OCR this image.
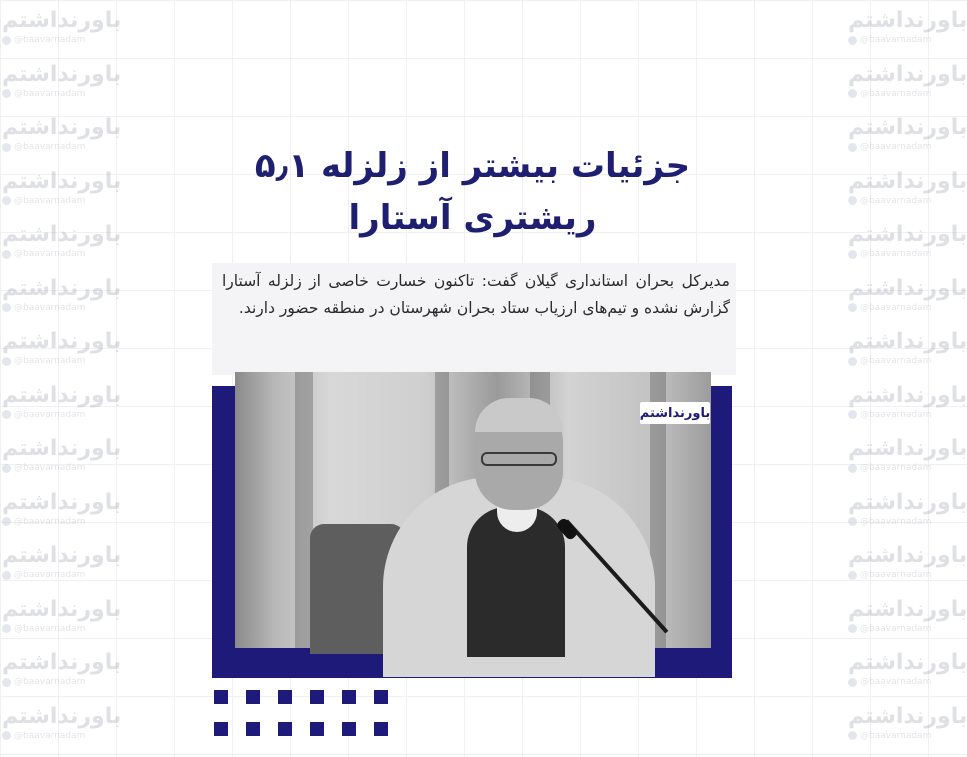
باورنداشتم
@baavarnadam
باورنداشتم
@baavarnadam
باورنداشتم
@baavarnadam
باورنداشتم
@baavarnadam
باورنداشتم
@baavarnadam
باورنداشتم
@baavarnadam
باورنداشتم
@baavarnadam
باورنداشتم
@baavarnadam
باورنداشتم
@baavarnadam
باورنداشتم
@baavarnadam
باورنداشتم
@baavarnadam
باورنداشتم
@baavarnadam
باورنداشتم
@baavarnadam
باورنداشتم
@baavarnadam
باورنداشتم
@baavarnadam
باورنداشتم
@baavarnadam
باورنداشتم
@baavarnadam
باورنداشتم
@baavarnadam
باورنداشتم
@baavarnadam
باورنداشتم
@baavarnadam
باورنداشتم
@baavarnadam
باورنداشتم
@baavarnadam
باورنداشتم
@baavarnadam
باورنداشتم
@baavarnadam
باورنداشتم
@baavarnadam
باورنداشتم
@baavarnadam
باورنداشتم
@baavarnadam
باورنداشتم
@baavarnadam
جزئیات بیشتر از زلزله ۵٫۱ ریشتری آستارا

مدیرکل بحران استانداری گیلان گفت: تاکنون خسارت خاصی از زلزله آستارا گزارش نشده و تیم‌های ارزیاب ستاد بحران شهرستان در منطقه حضور دارند.

باورنداشتم
